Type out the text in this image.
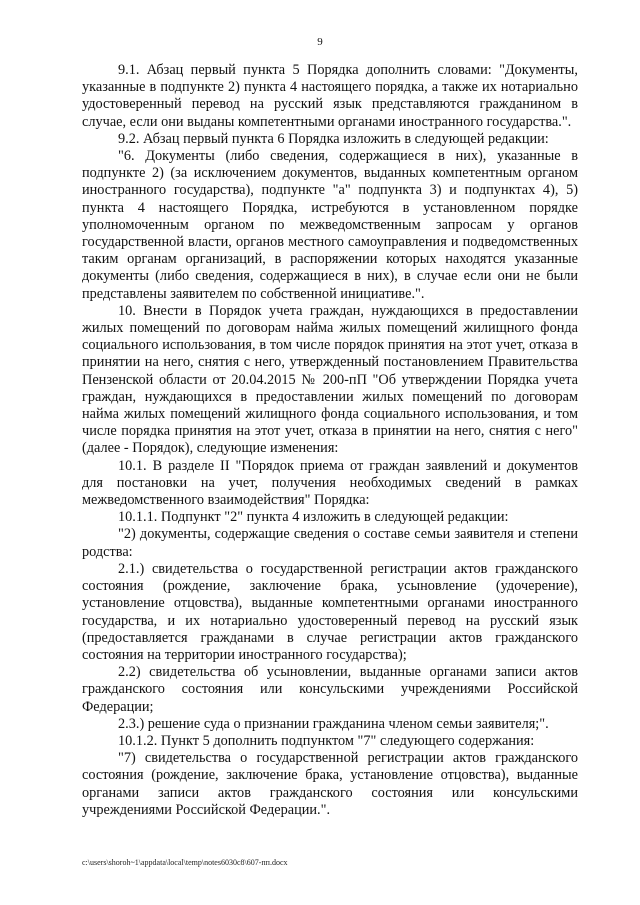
9

9.1. Абзац первый пункта 5 Порядка дополнить словами: "Документы, указанные в подпункте 2) пункта 4 настоящего порядка, а также их нотариально удостоверенный перевод на русский язык представляются гражданином в случае, если они выданы компетентными органами иностранного государства.".

9.2. Абзац первый пункта 6 Порядка изложить в следующей редакции:

"6. Документы (либо сведения, содержащиеся в них), указанные в подпункте 2) (за исключением документов, выданных компетентным органом иностранного государства), подпункте "а" подпункта 3) и подпунктах 4), 5) пункта 4 настоящего Порядка, истребуются в установленном порядке уполномоченным органом по межведомственным запросам у органов государственной власти, органов местного самоуправления и подведомственных таким органам организаций, в распоряжении которых находятся указанные документы (либо сведения, содержащиеся в них), в случае если они не были представлены заявителем по собственной инициативе.".

10. Внести в Порядок учета граждан, нуждающихся в предоставлении жилых помещений по договорам найма жилых помещений жилищного фонда социального использования, в том числе порядок принятия на этот учет, отказа в принятии на него, снятия с него, утвержденный постановлением Правительства Пензенской области от 20.04.2015 № 200-пП "Об утверждении Порядка учета граждан, нуждающихся в предоставлении жилых помещений по договорам найма жилых помещений жилищного фонда социального использования, и том числе порядка принятия на этот учет, отказа в принятии на него, снятия с него" (далее - Порядок), следующие изменения:

10.1. В разделе II "Порядок приема от граждан заявлений и документов для постановки на учет, получения необходимых сведений в рамках межведомственного взаимодействия" Порядка:

10.1.1. Подпункт "2" пункта 4 изложить в следующей редакции:

"2) документы, содержащие сведения о составе семьи заявителя и степени родства:

2.1.) свидетельства о государственной регистрации актов гражданского состояния (рождение, заключение брака, усыновление (удочерение), установление отцовства), выданные компетентными органами иностранного государства, и их нотариально удостоверенный перевод на русский язык (предоставляется гражданами в случае регистрации актов гражданского состояния на территории иностранного государства);

2.2) свидетельства об усыновлении, выданные органами записи актов гражданского состояния или консульскими учреждениями Российской Федерации;

2.3.) решение суда о признании гражданина членом семьи заявителя;".

10.1.2. Пункт 5 дополнить подпунктом "7" следующего содержания:

"7) свидетельства о государственной регистрации актов гражданского состояния (рождение, заключение брака, установление отцовства), выданные органами записи актов гражданского состояния или консульскими учреждениями Российской Федерации.".

c:\users\shoroh~1\appdata\local\temp\notes6030c8\607-пп.docx
